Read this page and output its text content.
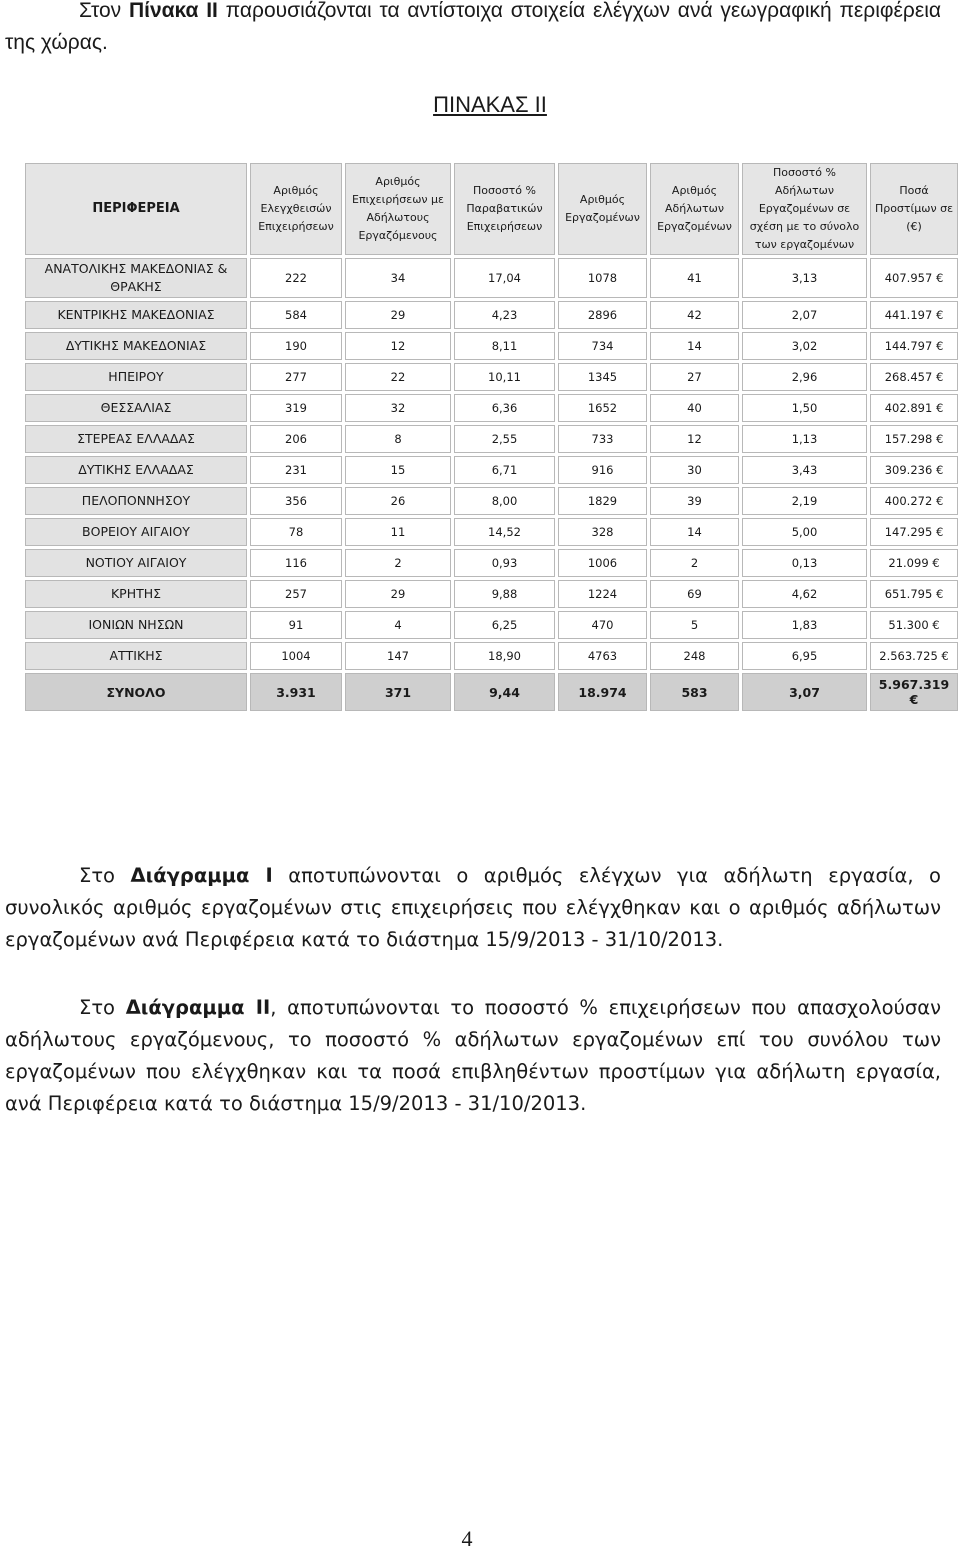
Στον Πίνακα ΙΙ παρουσιάζονται τα αντίστοιχα στοιχεία ελέγχων ανά γεωγραφική περιφέρεια της χώρας.

ΠΙΝΑΚΑΣ ΙΙ

ΠΕΡΙΦΕΡΕΙΑ	Αριθμός Ελεγχθεισών Επιχειρήσεων	Αριθμός Επιχειρήσεων με Αδήλωτους Εργαζόμενους	Ποσοστό % Παραβατικών Επιχειρήσεων	Αριθμός Εργαζομένων	Αριθμός Αδήλωτων Εργαζομένων	Ποσοστό % Αδήλωτων Εργαζομένων σε σχέση με το σύνολο των εργαζομένων	Ποσά Προστίμων σε (€)
ΑΝΑΤΟΛΙΚΗΣ ΜΑΚΕΔΟΝΙΑΣ & ΘΡΑΚΗΣ	222	34	17,04	1078	41	3,13	407.957 €
ΚΕΝΤΡΙΚΗΣ ΜΑΚΕΔΟΝΙΑΣ	584	29	4,23	2896	42	2,07	441.197 €
ΔΥΤΙΚΗΣ ΜΑΚΕΔΟΝΙΑΣ	190	12	8,11	734	14	3,02	144.797 €
ΗΠΕΙΡΟΥ	277	22	10,11	1345	27	2,96	268.457 €
ΘΕΣΣΑΛΙΑΣ	319	32	6,36	1652	40	1,50	402.891 €
ΣΤΕΡΕΑΣ ΕΛΛΑΔΑΣ	206	8	2,55	733	12	1,13	157.298 €
ΔΥΤΙΚΗΣ ΕΛΛΑΔΑΣ	231	15	6,71	916	30	3,43	309.236 €
ΠΕΛΟΠΟΝΝΗΣΟΥ	356	26	8,00	1829	39	2,19	400.272 €
ΒΟΡΕΙΟΥ ΑΙΓΑΙΟΥ	78	11	14,52	328	14	5,00	147.295 €
ΝΟΤΙΟΥ ΑΙΓΑΙΟΥ	116	2	0,93	1006	2	0,13	21.099 €
ΚΡΗΤΗΣ	257	29	9,88	1224	69	4,62	651.795 €
ΙΟΝΙΩΝ ΝΗΣΩΝ	91	4	6,25	470	5	1,83	51.300 €
ΑΤΤΙΚΗΣ	1004	147	18,90	4763	248	6,95	2.563.725 €
ΣΥΝΟΛΟ	3.931	371	9,44	18.974	583	3,07	5.967.319 €

Στο Διάγραμμα Ι αποτυπώνονται ο αριθμός ελέγχων για αδήλωτη εργασία, ο συνολικός αριθμός εργαζομένων στις επιχειρήσεις που ελέγχθηκαν και ο αριθμός αδήλωτων εργαζομένων ανά Περιφέρεια κατά το διάστημα 15/9/2013 - 31/10/2013.

Στο Διάγραμμα ΙΙ, αποτυπώνονται το ποσοστό % επιχειρήσεων που απασχολούσαν αδήλωτους εργαζόμενους, το ποσοστό % αδήλωτων εργαζομένων επί του συνόλου των εργαζομένων που ελέγχθηκαν και τα ποσά επιβληθέντων προστίμων για αδήλωτη εργασία, ανά Περιφέρεια κατά το διάστημα 15/9/2013 - 31/10/2013.

4
